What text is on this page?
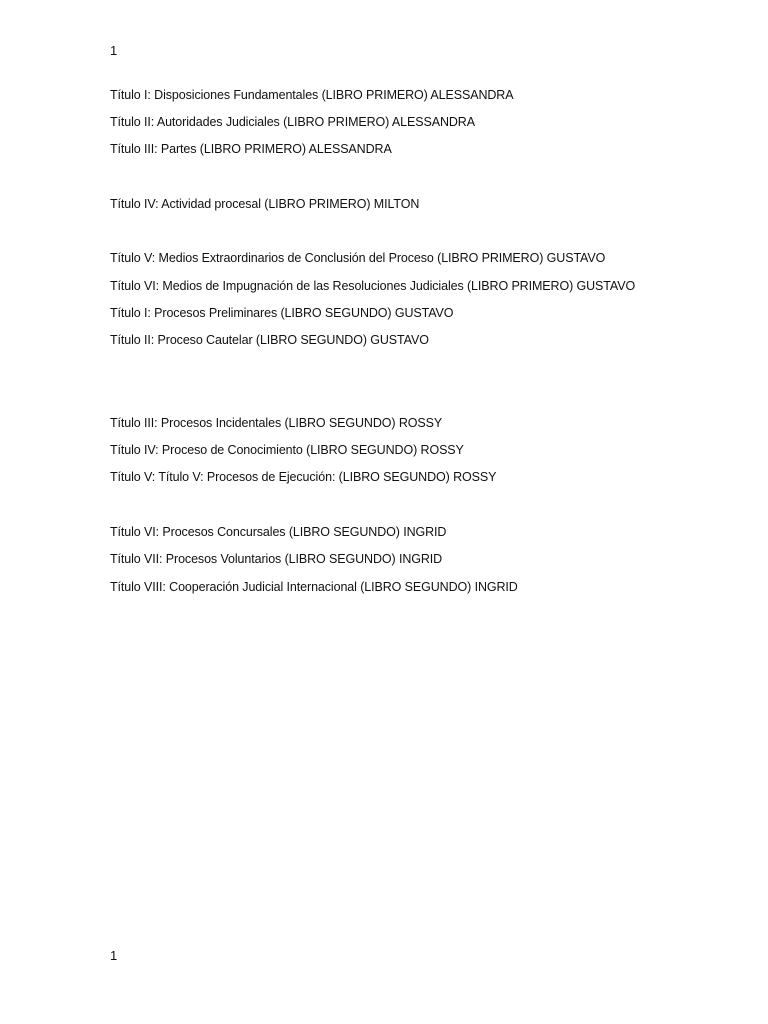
1
Título I: Disposiciones Fundamentales (LIBRO PRIMERO) ALESSANDRA
Título II: Autoridades Judiciales (LIBRO PRIMERO) ALESSANDRA
Título III: Partes (LIBRO PRIMERO) ALESSANDRA
Título IV: Actividad procesal (LIBRO PRIMERO) MILTON
Título V: Medios Extraordinarios de Conclusión del Proceso (LIBRO PRIMERO) GUSTAVO
Título VI: Medios de Impugnación de las Resoluciones Judiciales (LIBRO PRIMERO) GUSTAVO
Título I: Procesos Preliminares (LIBRO SEGUNDO) GUSTAVO
Título II: Proceso Cautelar (LIBRO SEGUNDO) GUSTAVO
Título III: Procesos Incidentales (LIBRO SEGUNDO) ROSSY
Título IV: Proceso de Conocimiento (LIBRO SEGUNDO) ROSSY
Título V: Título V: Procesos de Ejecución: (LIBRO SEGUNDO) ROSSY
Título VI: Procesos Concursales (LIBRO SEGUNDO) INGRID
Título VII: Procesos Voluntarios (LIBRO SEGUNDO) INGRID
Título VIII: Cooperación Judicial Internacional (LIBRO SEGUNDO) INGRID
1
